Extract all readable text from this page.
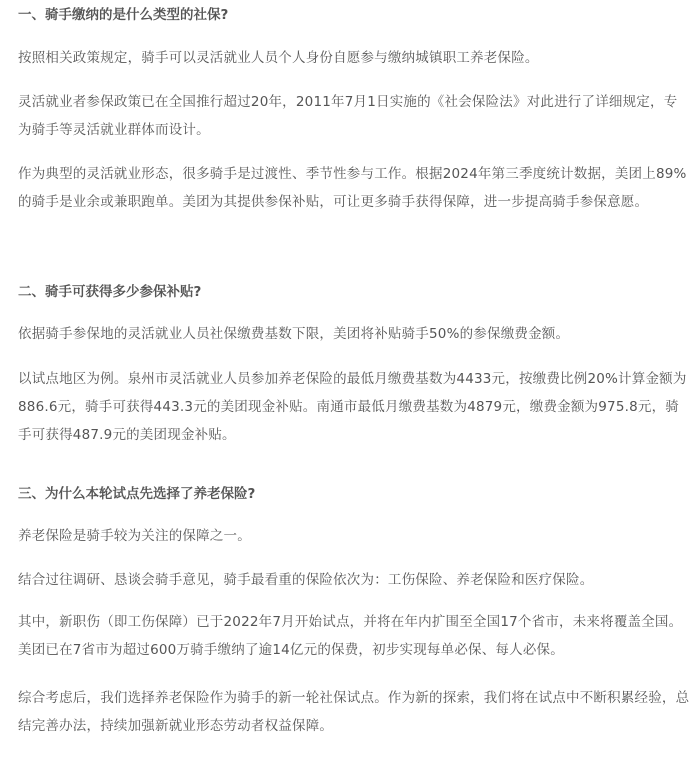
一、骑手缴纳的是什么类型的社保?

按照相关政策规定，骑手可以灵活就业人员个人身份自愿参与缴纳城镇职工养老保险。

灵活就业者参保政策已在全国推行超过20年，2011年7月1日实施的《社会保险法》对此进行了详细规定，专为骑手等灵活就业群体而设计。

作为典型的灵活就业形态，很多骑手是过渡性、季节性参与工作。根据2024年第三季度统计数据，美团上89%的骑手是业余或兼职跑单。美团为其提供参保补贴，可让更多骑手获得保障，进一步提高骑手参保意愿。

二、骑手可获得多少参保补贴?

依据骑手参保地的灵活就业人员社保缴费基数下限，美团将补贴骑手50%的参保缴费金额。

以试点地区为例。泉州市灵活就业人员参加养老保险的最低月缴费基数为4433元，按缴费比例20%计算金额为886.6元，骑手可获得443.3元的美团现金补贴。南通市最低月缴费基数为4879元，缴费金额为975.8元，骑手可获得487.9元的美团现金补贴。

三、为什么本轮试点先选择了养老保险?

养老保险是骑手较为关注的保障之一。

结合过往调研、恳谈会骑手意见，骑手最看重的保险依次为：工伤保险、养老保险和医疗保险。

其中，新职伤（即工伤保障）已于2022年7月开始试点，并将在年内扩围至全国17个省市，未来将覆盖全国。美团已在7省市为超过600万骑手缴纳了逾14亿元的保费，初步实现每单必保、每人必保。

综合考虑后，我们选择养老保险作为骑手的新一轮社保试点。作为新的探索，我们将在试点中不断积累经验，总结完善办法，持续加强新就业形态劳动者权益保障。
